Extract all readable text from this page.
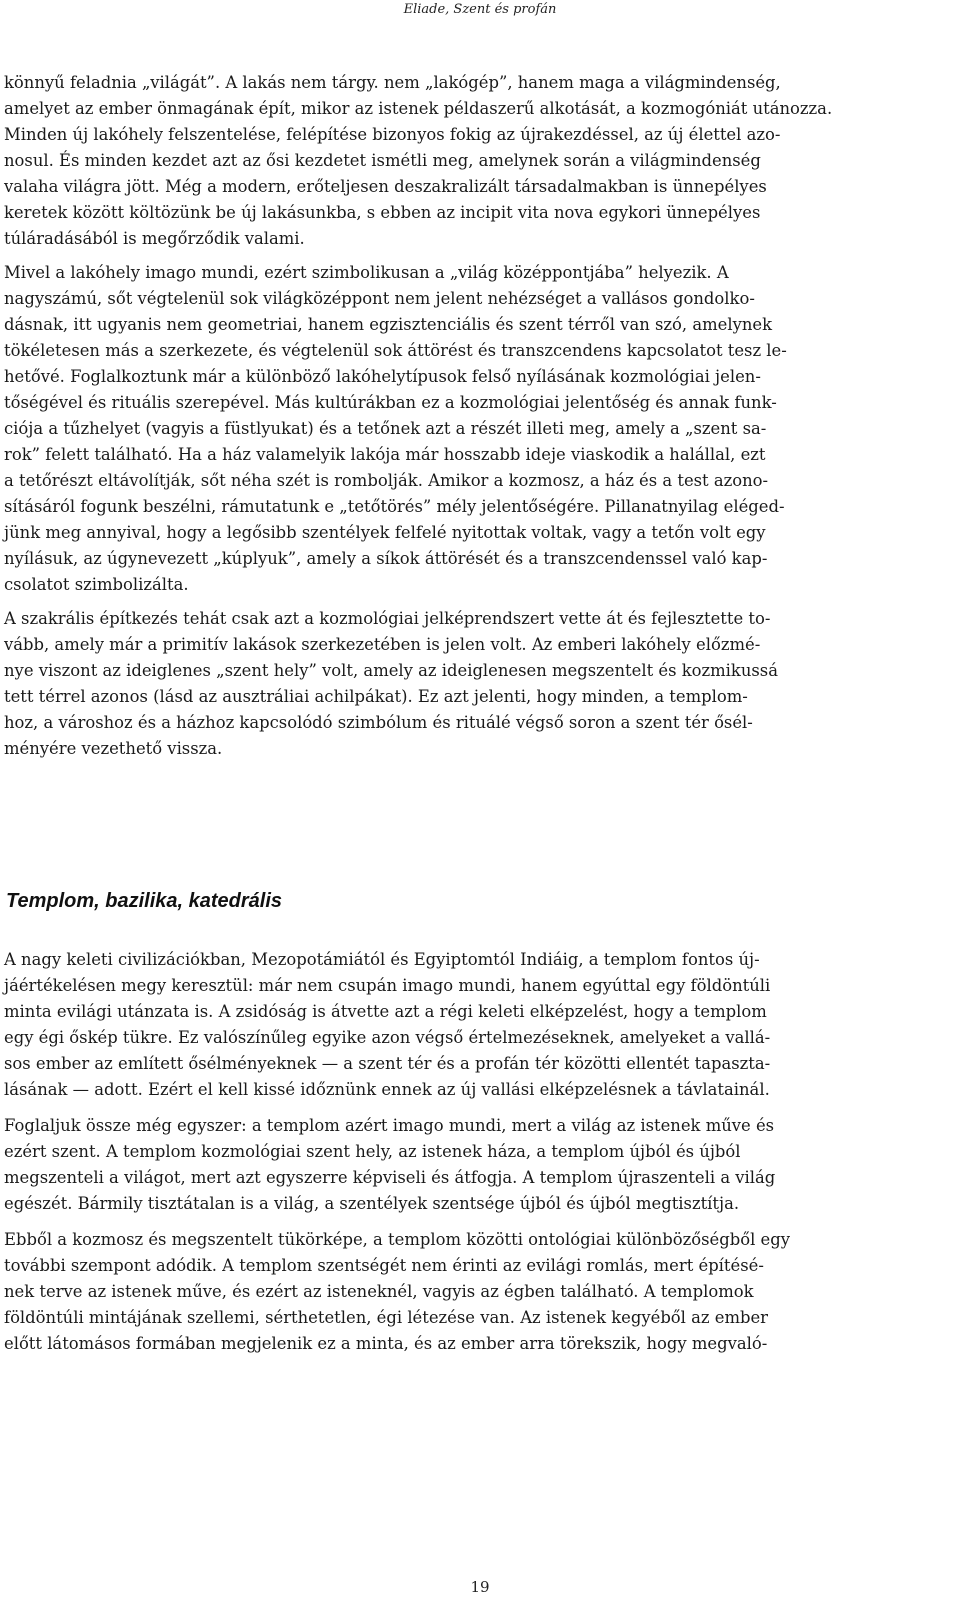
Eliade, Szent és profán

könnyű feladnia „világát”. A lakás nem tárgy. nem „lakógép”, hanem maga a világmindenség,
amelyet az ember önmagának épít, mikor az istenek példaszerű alkotását, a kozmogóniát utánozza.
Minden új lakóhely felszentelése, felépítése bizonyos fokig az újrakezdéssel, az új élettel azo-
nosul. És minden kezdet azt az ősi kezdetet ismétli meg, amelynek során a világmindenség
valaha világra jött. Még a modern, erőteljesen deszakralizált társadalmakban is ünnepélyes
keretek között költözünk be új lakásunkba, s ebben az incipit vita nova egykori ünnepélyes
túláradásából is megőrződik valami.

Mivel a lakóhely imago mundi, ezért szimbolikusan a „világ középpontjába” helyezik. A
nagyszámú, sőt végtelenül sok világközéppont nem jelent nehézséget a vallásos gondolko-
dásnak, itt ugyanis nem geometriai, hanem egzisztenciális és szent térről van szó, amelynek
tökéletesen más a szerkezete, és végtelenül sok áttörést és transzcendens kapcsolatot tesz le-
hetővé. Foglalkoztunk már a különböző lakóhelytípusok felső nyílásának kozmológiai jelen-
tőségével és rituális szerepével. Más kultúrákban ez a kozmológiai jelentőség és annak funk-
ciója a tűzhelyet (vagyis a füstlyukat) és a tetőnek azt a részét illeti meg, amely a „szent sa-
rok” felett található. Ha a ház valamelyik lakója már hosszabb ideje viaskodik a halállal, ezt
a tetőrészt eltávolítják, sőt néha szét is rombolják. Amikor a kozmosz, a ház és a test azono-
sításáról fogunk beszélni, rámutatunk e „tetőtörés” mély jelentőségére. Pillanatnyilag eléged-
jünk meg annyival, hogy a legősibb szentélyek felfelé nyitottak voltak, vagy a tetőn volt egy
nyílásuk, az úgynevezett „kúplyuk”, amely a síkok áttörését és a transzcendenssel való kap-
csolatot szimbolizálta.

A szakrális építkezés tehát csak azt a kozmológiai jelképrendszert vette át és fejlesztette to-
vább, amely már a primitív lakások szerkezetében is jelen volt. Az emberi lakóhely előzmé-
nye viszont az ideiglenes „szent hely” volt, amely az ideiglenesen megszentelt és kozmikussá
tett térrel azonos (lásd az ausztráliai achilpákat). Ez azt jelenti, hogy minden, a templom-
hoz, a városhoz és a házhoz kapcsolódó szimbólum és rituálé végső soron a szent tér ősél-
ményére vezethető vissza.

Templom, bazilika, katedrális

A nagy keleti civilizációkban, Mezopotámiától és Egyiptomtól Indiáig, a templom fontos új-
jáértékelésen megy keresztül: már nem csupán imago mundi, hanem egyúttal egy földöntúli
minta evilági utánzata is. A zsidóság is átvette azt a régi keleti elképzelést, hogy a templom
egy égi őskép tükre. Ez valószínűleg egyike azon végső értelmezéseknek, amelyeket a vallá-
sos ember az említett ősélményeknek — a szent tér és a profán tér közötti ellentét tapaszta-
lásának — adott. Ezért el kell kissé időznünk ennek az új vallási elképzelésnek a távlatainál.

Foglaljuk össze még egyszer: a templom azért imago mundi, mert a világ az istenek műve és
ezért szent. A templom kozmológiai szent hely, az istenek háza, a templom újból és újból
megszenteli a világot, mert azt egyszerre képviseli és átfogja. A templom újraszenteli a világ
egészét. Bármily tisztátalan is a világ, a szentélyek szentsége újból és újból megtisztítja.

Ebből a kozmosz és megszentelt tükörképe, a templom közötti ontológiai különbözőségből egy
további szempont adódik. A templom szentségét nem érinti az evilági romlás, mert építésé-
nek terve az istenek műve, és ezért az isteneknél, vagyis az égben található. A templomok
földöntúli mintájának szellemi, sérthetetlen, égi létezése van. Az istenek kegyéből az ember
előtt látomásos formában megjelenik ez a minta, és az ember arra törekszik, hogy megvaló-

19
